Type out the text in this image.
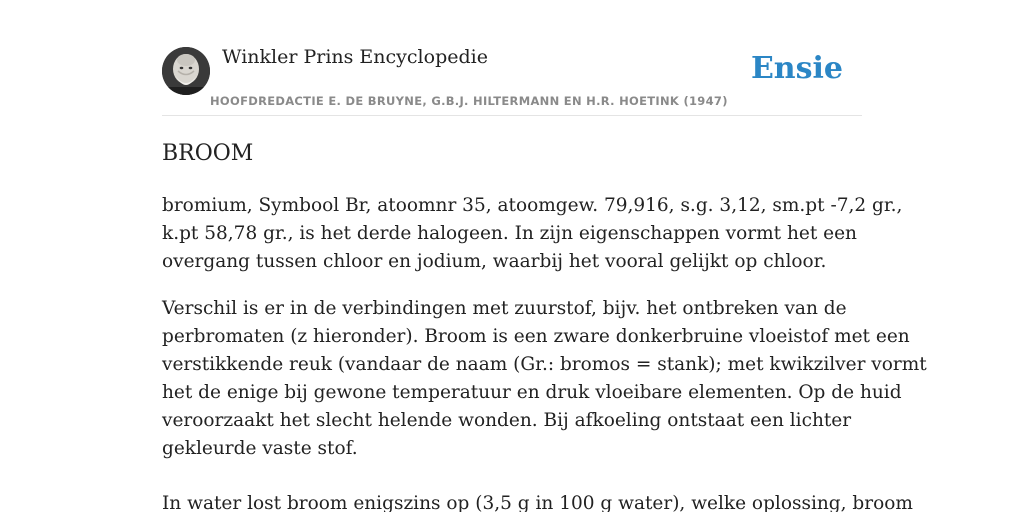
Winkler Prins Encyclopedie
HOOFDREDACTIE E. DE BRUYNE, G.B.J. HILTERMANN EN H.R. HOETINK (1947)
Ensie
BROOM

bromium, Symbool Br, atoomnr 35, atoomgew. 79,916, s.g. 3,12, sm.pt -7,2 gr.,
k.pt 58,78 gr., is het derde halogeen. In zijn eigenschappen vormt het een
overgang tussen chloor en jodium, waarbij het vooral gelijkt op chloor.

Verschil is er in de verbindingen met zuurstof, bijv. het ontbreken van de
perbromaten (z hieronder). Broom is een zware donkerbruine vloeistof met een
verstikkende reuk (vandaar de naam (Gr.: bromos = stank); met kwikzilver vormt
het de enige bij gewone temperatuur en druk vloeibare elementen. Op de huid
veroorzaakt het slecht helende wonden. Bij afkoeling ontstaat een lichter
gekleurde vaste stof.

In water lost broom enigszins op (3,5 g in 100 g water), welke oplossing, broom
